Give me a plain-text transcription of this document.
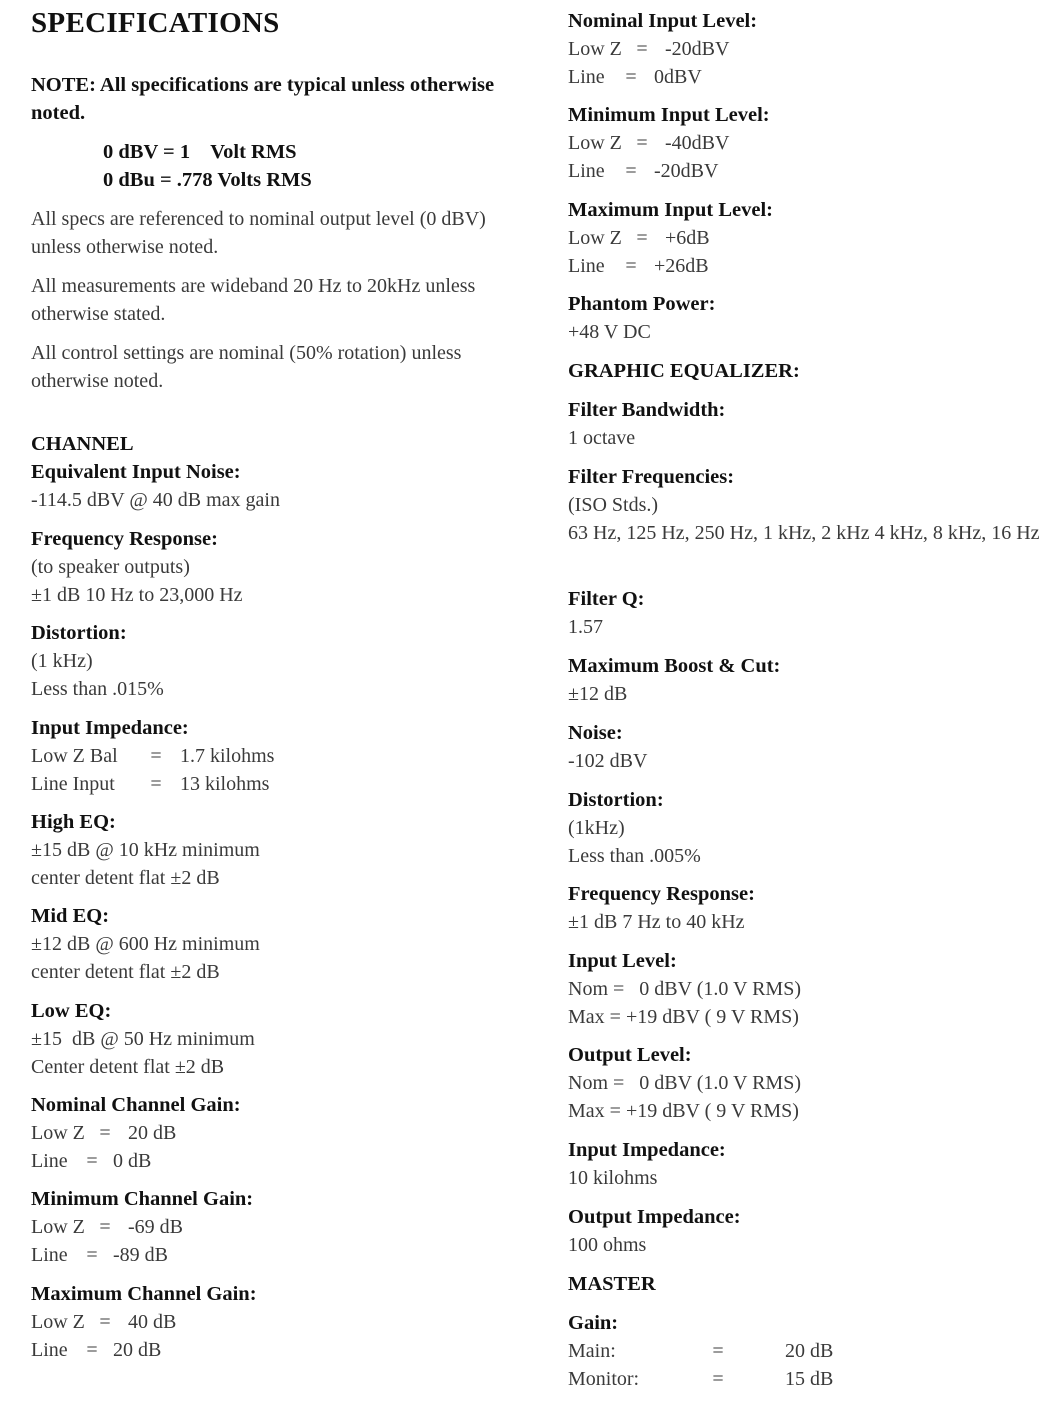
SPECIFICATIONS
NOTE: All specifications are typical unless otherwise noted.
0 dBV = 1    Volt RMS
0 dBu = .778 Volts RMS
All specs are referenced to nominal output level (0 dBV) unless otherwise noted.
All measurements are wideband 20 Hz to 20kHz unless otherwise stated.
All control settings are nominal (50% rotation) unless otherwise noted.
CHANNEL
Equivalent Input Noise:
-114.5 dBV @ 40 dB max gain
Frequency Response:
(to speaker outputs)
±1 dB 10 Hz to 23,000 Hz
Distortion:
(1 kHz)
Less than .015%
Input Impedance:
Low Z Bal	= 1.7 kilohms
Line Input	= 13 kilohms
High EQ:
±15 dB @ 10 kHz minimum
center detent flat ±2 dB
Mid EQ:
±12 dB @ 600 Hz minimum
center detent flat ±2 dB
Low EQ:
±15  dB @ 50 Hz minimum
Center detent flat ±2 dB
Nominal Channel Gain:
Low Z = 20 dB
Line = 0 dB
Minimum Channel Gain:
Low Z = -69 dB
Line = -89 dB
Maximum Channel Gain:
Low Z = 40 dB
Line = 20 dB
Nominal Input Level:
Low Z = -20dBV
Line	= 0dBV
Minimum Input Level:
Low Z = -40dBV
Line	= -20dBV
Maximum Input Level:
Low Z = +6dB
Line	= +26dB
Phantom Power:
+48 V DC
GRAPHIC EQUALIZER:
Filter Bandwidth:
1 octave
Filter Frequencies:
(ISO Stds.)
63 Hz, 125 Hz, 250 Hz, 1 kHz, 2 kHz 4 kHz, 8 kHz, 16 Hz
Filter Q:
1.57
Maximum Boost & Cut:
±12 dB
Noise:
-102 dBV
Distortion:
(1kHz)
Less than .005%
Frequency Response:
±1 dB 7 Hz to 40 kHz
Input Level:
Nom =   0 dBV (1.0 V RMS)
Max = +19 dBV ( 9 V RMS)
Output Level:
Nom =   0 dBV (1.0 V RMS)
Max = +19 dBV ( 9 V RMS)
Input Impedance:
10 kilohms
Output Impedance:
100 ohms
MASTER
Gain:
Main:	=	20 dB
Monitor:	=	15 dB
